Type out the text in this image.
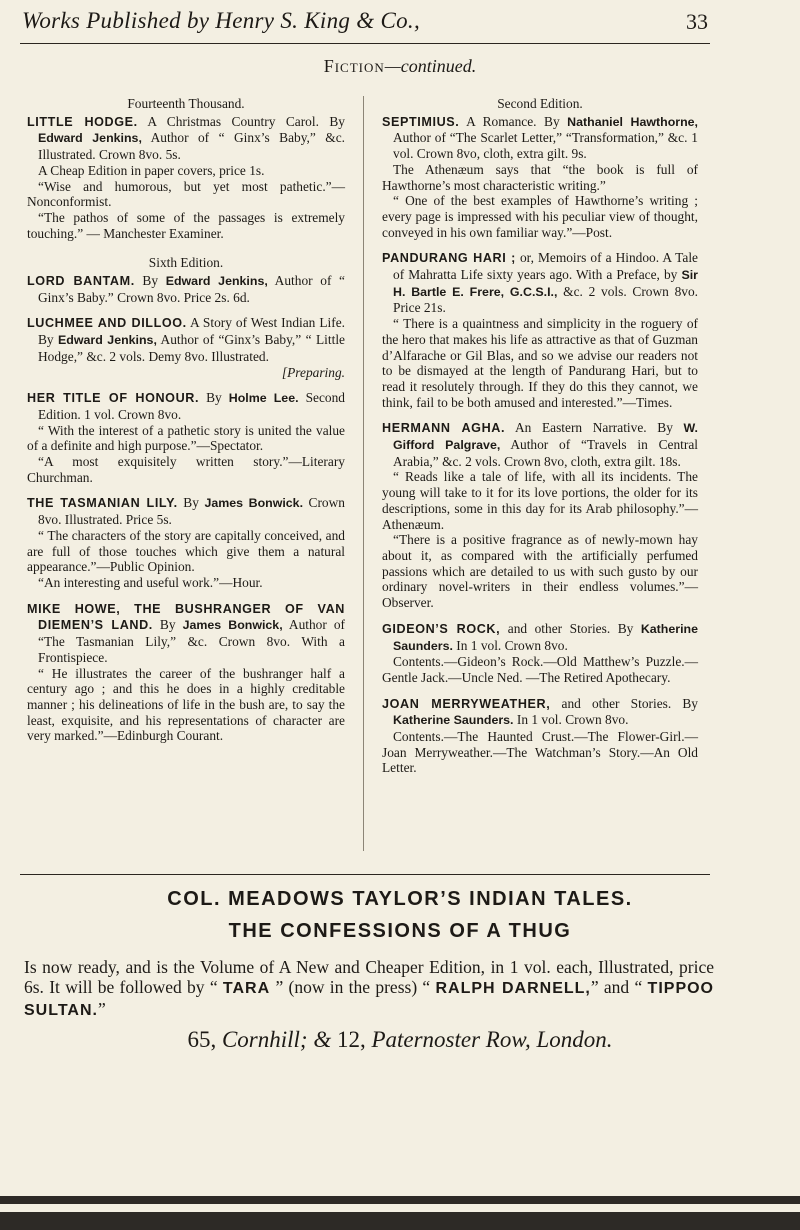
Works Published by Henry S. King & Co.,	33
Fiction—continued.
Fourteenth Thousand.

LITTLE HODGE. A Christmas Country Carol. By Edward Jenkins, Author of “ Ginx’s Baby,” &c. Illustrated. Crown 8vo. 5s.

A Cheap Edition in paper covers, price 1s.

“Wise and humorous, but yet most pathetic.”—Nonconformist.

“The pathos of some of the passages is extremely touching.” — Manchester Examiner.

Sixth Edition.

LORD BANTAM. By Edward Jenkins, Author of “ Ginx’s Baby.” Crown 8vo. Price 2s. 6d.

LUCHMEE AND DILLOO. A Story of West Indian Life. By Edward Jenkins, Author of “Ginx’s Baby,” “ Little Hodge,” &c. 2 vols. Demy 8vo. Illustrated.
[Preparing.

HER TITLE OF HONOUR. By Holme Lee. Second Edition. 1 vol. Crown 8vo.

“ With the interest of a pathetic story is united the value of a definite and high purpose.”—Spectator.

“A most exquisitely written story.”—Literary Churchman.

THE TASMANIAN LILY. By James Bonwick. Crown 8vo. Illustrated. Price 5s.

“ The characters of the story are capitally conceived, and are full of those touches which give them a natural appearance.”—Public Opinion.

“An interesting and useful work.”—Hour.

MIKE HOWE, THE BUSHRANGER OF VAN DIEMEN’S LAND. By James Bonwick, Author of “The Tasmanian Lily,” &c. Crown 8vo. With a Frontispiece.

“ He illustrates the career of the bushranger half a century ago ; and this he does in a highly creditable manner ; his delineations of life in the bush are, to say the least, exquisite, and his representations of character are very marked.”—Edinburgh Courant.

Second Edition.

SEPTIMIUS. A Romance. By Nathaniel Hawthorne, Author of “The Scarlet Letter,” “Transformation,” &c. 1 vol. Crown 8vo, cloth, extra gilt. 9s.

The Athenæum says that “the book is full of Hawthorne’s most characteristic writing.”

“ One of the best examples of Hawthorne’s writing ; every page is impressed with his peculiar view of thought, conveyed in his own familiar way.”—Post.

PANDURANG HARI ; or, Memoirs of a Hindoo. A Tale of Mahratta Life sixty years ago. With a Preface, by Sir H. Bartle E. Frere, G.C.S.I., &c. 2 vols. Crown 8vo. Price 21s.

“ There is a quaintness and simplicity in the roguery of the hero that makes his life as attractive as that of Guzman d’Alfarache or Gil Blas, and so we advise our readers not to be dismayed at the length of Pandurang Hari, but to read it resolutely through. If they do this they cannot, we think, fail to be both amused and interested.”—Times.

HERMANN AGHA. An Eastern Narrative. By W. Gifford Palgrave, Author of “Travels in Central Arabia,” &c. 2 vols. Crown 8vo, cloth, extra gilt. 18s.

“ Reads like a tale of life, with all its incidents. The young will take to it for its love portions, the older for its descriptions, some in this day for its Arab philosophy.”—Athenæum.

“There is a positive fragrance as of newly-mown hay about it, as compared with the artificially perfumed passions which are detailed to us with such gusto by our ordinary novel-writers in their endless volumes.”—Observer.

GIDEON’S ROCK, and other Stories. By Katherine Saunders. In 1 vol. Crown 8vo.

Contents.—Gideon’s Rock.—Old Matthew’s Puzzle.—Gentle Jack.—Uncle Ned. —The Retired Apothecary.

JOAN MERRYWEATHER, and other Stories. By Katherine Saunders. In 1 vol. Crown 8vo.

Contents.—The Haunted Crust.—The Flower-Girl.—Joan Merryweather.—The Watchman’s Story.—An Old Letter.

COL. MEADOWS TAYLOR’S INDIAN TALES.
THE CONFESSIONS OF A THUG
Is now ready, and is the Volume of A New and Cheaper Edition, in 1 vol. each, Illustrated, price 6s. It will be followed by “ TARA ” (now in the press) “ RALPH DARNELL,” and “ TIPPOO SULTAN.”
65, Cornhill; & 12, Paternoster Row, London.
